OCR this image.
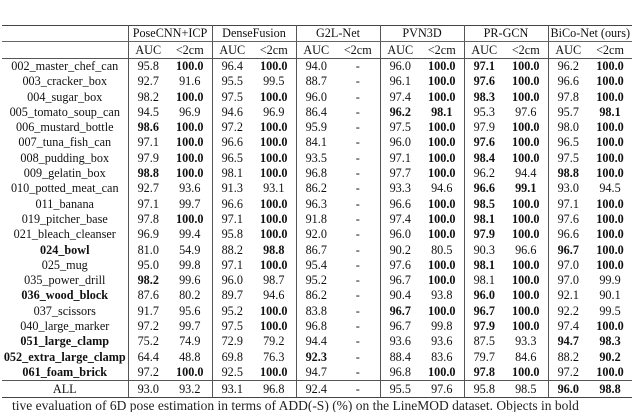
	PoseCNN+ICP		DenseFusion		G2L-Net		PVN3D		PR-GCN		BiCo-Net (ours)	
	AUC	<2cm	AUC	<2cm	AUC	<2cm	AUC	<2cm	AUC	<2cm	AUC	<2cm
002_master_chef_can	95.8	100.0	96.4	100.0	94.0	-	96.0	100.0	97.1	100.0	96.2	100.0
003_cracker_box	92.7	91.6	95.5	99.5	88.7	-	96.1	100.0	97.6	100.0	96.6	100.0
004_sugar_box	98.2	100.0	97.5	100.0	96.0	-	97.4	100.0	98.3	100.0	97.8	100.0
005_tomato_soup_can	94.5	96.9	94.6	96.9	86.4	-	96.2	98.1	95.3	97.6	95.7	98.1
006_mustard_bottle	98.6	100.0	97.2	100.0	95.9	-	97.5	100.0	97.9	100.0	98.0	100.0
007_tuna_fish_can	97.1	100.0	96.6	100.0	84.1	-	96.0	100.0	97.6	100.0	96.5	100.0
008_pudding_box	97.9	100.0	96.5	100.0	93.5	-	97.1	100.0	98.4	100.0	97.5	100.0
009_gelatin_box	98.8	100.0	98.1	100.0	96.8	-	97.7	100.0	96.2	94.4	98.8	100.0
010_potted_meat_can	92.7	93.6	91.3	93.1	86.2	-	93.3	94.6	96.6	99.1	93.0	94.5
011_banana	97.1	99.7	96.6	100.0	96.3	-	96.6	100.0	98.5	100.0	97.1	100.0
019_pitcher_base	97.8	100.0	97.1	100.0	91.8	-	97.4	100.0	98.1	100.0	97.6	100.0
021_bleach_cleanser	96.9	99.4	95.8	100.0	92.0	-	96.0	100.0	97.9	100.0	96.6	100.0
024_bowl	81.0	54.9	88.2	98.8	86.7	-	90.2	80.5	90.3	96.6	96.7	100.0
025_mug	95.0	99.8	97.1	100.0	95.4	-	97.6	100.0	98.1	100.0	97.0	100.0
035_power_drill	98.2	99.6	96.0	98.7	95.2	-	96.7	100.0	98.1	100.0	97.0	99.9
036_wood_block	87.6	80.2	89.7	94.6	86.2	-	90.4	93.8	96.0	100.0	92.1	90.1
037_scissors	91.7	95.6	95.2	100.0	83.8	-	96.7	100.0	96.7	100.0	92.2	99.5
040_large_marker	97.2	99.7	97.5	100.0	96.8	-	96.7	99.8	97.9	100.0	97.4	100.0
051_large_clamp	75.2	74.9	72.9	79.2	94.4	-	93.6	93.6	87.5	93.3	94.7	98.3
052_extra_large_clamp	64.4	48.8	69.8	76.3	92.3	-	88.4	83.6	79.7	84.6	88.2	90.2
061_foam_brick	97.2	100.0	92.5	100.0	94.7	-	96.8	100.0	97.8	100.0	97.2	100.0
ALL	93.0	93.2	93.1	96.8	92.4	-	95.5	97.6	95.8	98.5	96.0	98.8
tive evaluation of 6D pose estimation in terms of ADD(-S) (%) on the LineMOD dataset. Objects in bold
